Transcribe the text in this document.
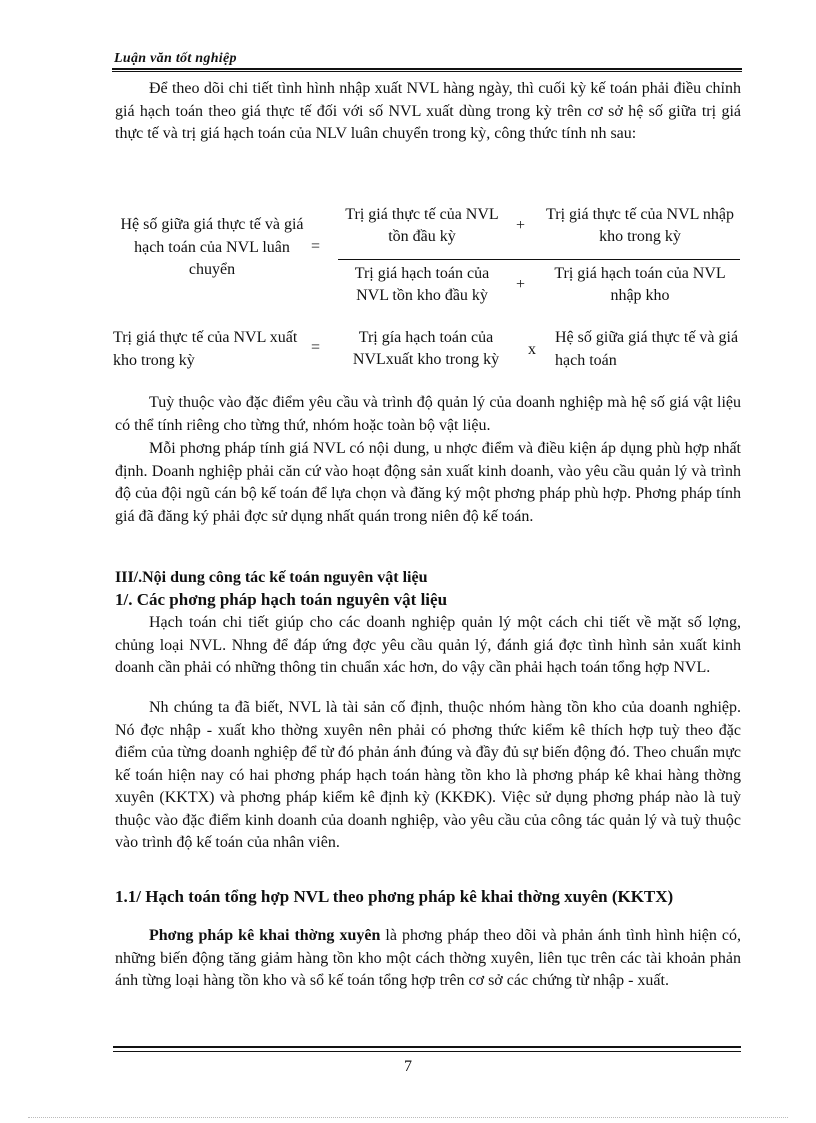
Luận văn tốt nghiệp

Để theo dõi chi tiết tình hình nhập xuất NVL hàng ngày, thì cuối kỳ kế toán phải điều chỉnh giá hạch toán theo giá thực tế đối với số NVL xuất dùng trong kỳ trên cơ sở hệ số giữa trị giá thực tế và trị giá hạch toán của NLV luân chuyển trong kỳ, công thức tính nh sau:

Hệ số giữa giá thực tế và giá hạch toán của NVL luân chuyển
=
Trị giá thực tế của NVL tồn đầu kỳ
+
Trị giá thực tế của NVL nhập kho trong kỳ
Trị giá hạch toán của NVL tồn kho đầu kỳ
+
Trị giá hạch toán của NVL nhập kho
Trị giá thực tế của NVL xuất kho trong kỳ
=
Trị gía hạch toán của NVLxuất kho trong kỳ
x
Hệ số giữa giá thực tế và giá hạch toán

Tuỳ thuộc vào đặc điểm yêu cầu và trình độ quản lý của doanh nghiệp mà hệ số giá vật liệu có thể tính riêng cho từng thứ, nhóm hoặc toàn bộ vật liệu.

Mỗi phơng pháp tính giá NVL có nội dung, u nhợc điểm và điều kiện áp dụng phù hợp nhất định. Doanh nghiệp phải căn cứ vào hoạt động sản xuất kinh doanh, vào yêu cầu quản lý và trình độ của đội ngũ cán bộ kế toán để lựa chọn và đăng ký một phơng pháp phù hợp. Phơng pháp tính giá đã đăng ký phải đợc sử dụng nhất quán trong niên độ kế toán.

III/.Nội dung công tác kế toán nguyên vật liệu
1/. Các phơng pháp hạch toán nguyên vật liệu

Hạch toán chi tiết giúp cho các doanh nghiệp quản lý một cách chi tiết về mặt số lợng, chủng loại NVL. Nhng để đáp ứng đợc yêu cầu quản lý, đánh giá đợc tình hình sản xuất kinh doanh cần phải có những thông tin chuẩn xác hơn, do vậy cần phải hạch toán tổng hợp NVL.

Nh chúng ta đã biết, NVL là tài sản cố định, thuộc nhóm hàng tồn kho của doanh nghiệp. Nó đợc nhập - xuất kho thờng xuyên nên phải có phơng thức kiểm kê thích hợp tuỳ theo đặc điểm của từng doanh nghiệp để từ đó phản ánh đúng và đầy đủ sự biến động đó. Theo chuẩn mực kế toán hiện nay có hai phơng pháp hạch toán hàng tồn kho là phơng pháp kê khai hàng thờng xuyên (KKTX) và phơng pháp kiểm kê định kỳ (KKĐK). Việc sử dụng phơng pháp nào là tuỳ thuộc vào đặc điểm kinh doanh của doanh nghiệp, vào yêu cầu của công tác quản lý và tuỳ thuộc vào trình độ kế toán của nhân viên.

1.1/ Hạch toán tổng hợp NVL theo phơng pháp kê khai thờng xuyên (KKTX)

Phơng pháp kê khai thờng xuyên là phơng pháp theo dõi và phản ánh tình hình hiện có, những biến động tăng giảm hàng tồn kho một cách thờng xuyên, liên tục trên các tài khoản phản ánh từng loại hàng tồn kho và sổ kế toán tổng hợp trên cơ sở các chứng từ nhập - xuất.

7
